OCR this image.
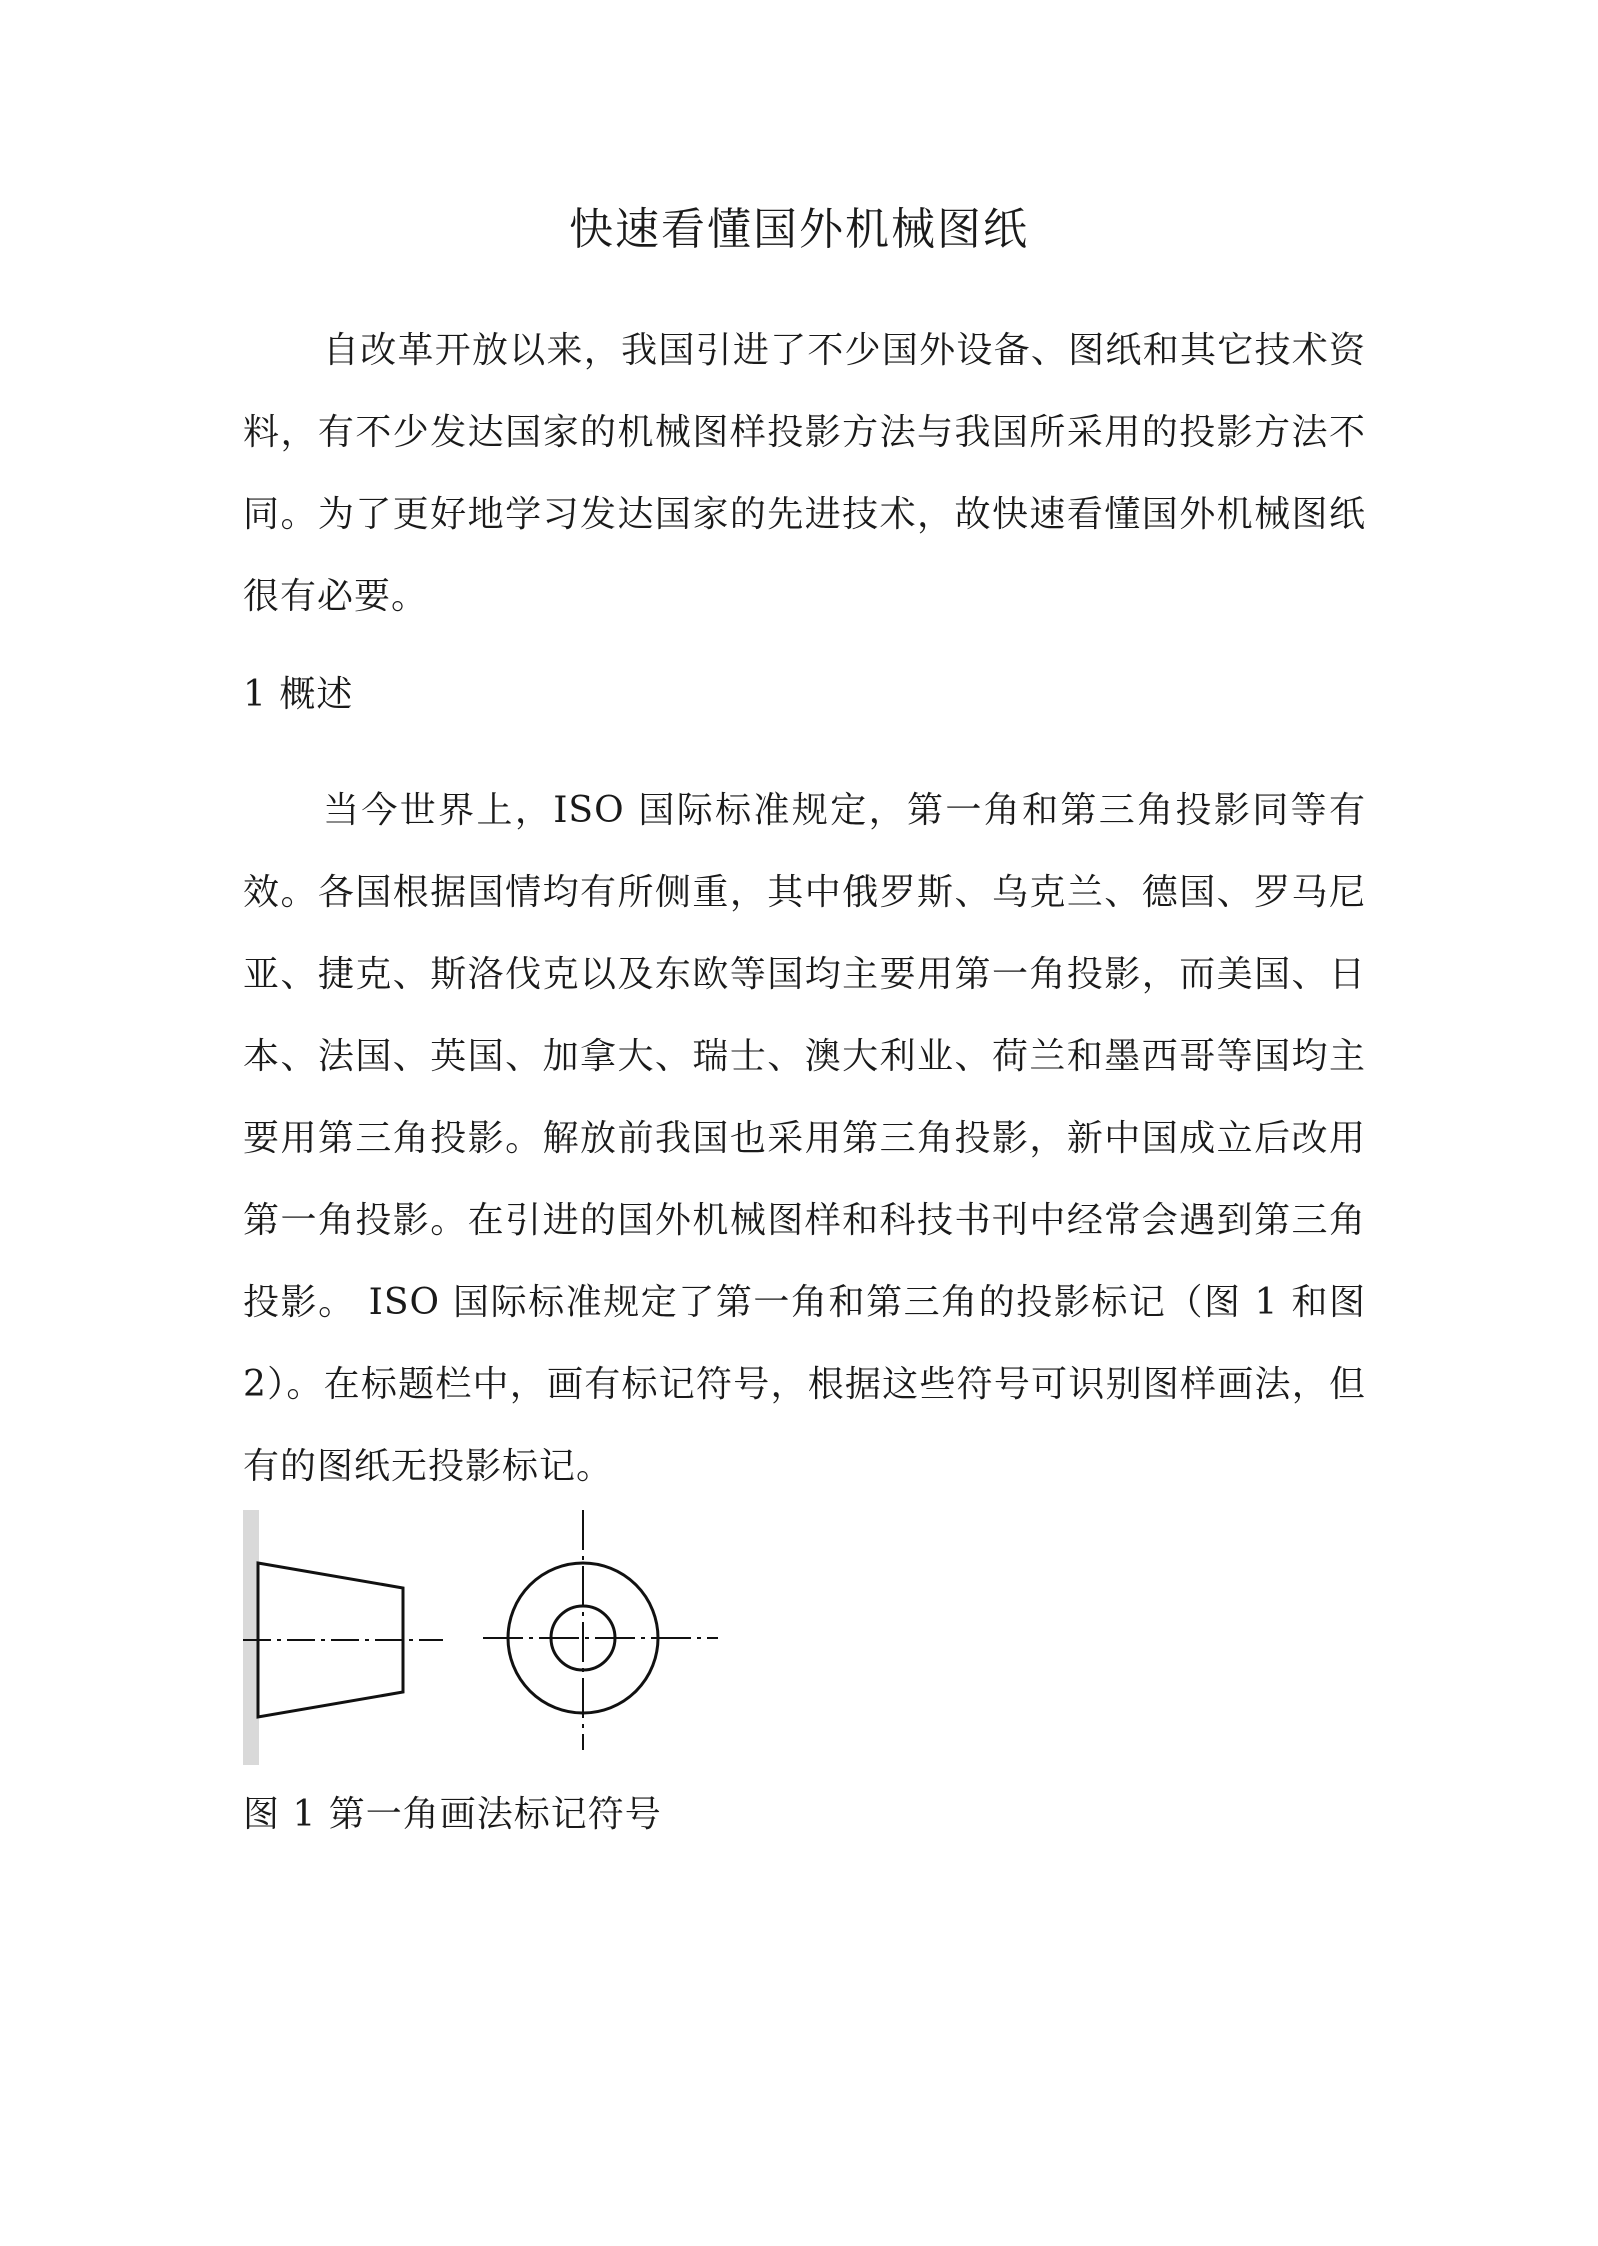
快速看懂国外机械图纸

自改革开放以来，我国引进了不少国外设备、图纸和其它技术资料，有不少发达国家的机械图样投影方法与我国所采用的投影方法不同。为了更好地学习发达国家的先进技术，故快速看懂国外机械图纸很有必要。

1 概述

当今世界上，ISO 国际标准规定，第一角和第三角投影同等有效。各国根据国情均有所侧重，其中俄罗斯、乌克兰、德国、罗马尼亚、捷克、斯洛伐克以及东欧等国均主要用第一角投影，而美国、日本、法国、英国、加拿大、瑞士、澳大利业、荷兰和墨西哥等国均主要用第三角投影。解放前我国也采用第三角投影，新中国成立后改用第一角投影。在引进的国外机械图样和科技书刊中经常会遇到第三角投影。 ISO 国际标准规定了第一角和第三角的投影标记（图 1 和图 2）。在标题栏中，画有标记符号，根据这些符号可识别图样画法，但有的图纸无投影标记。

图 1 第一角画法标记符号
